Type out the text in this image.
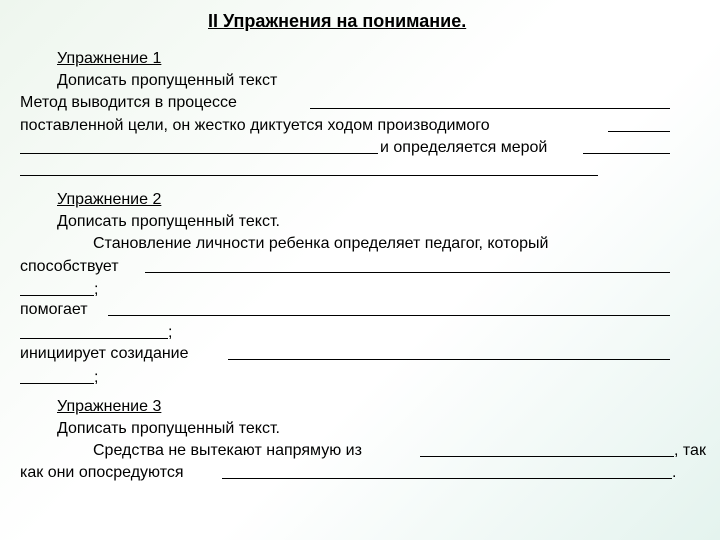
II Упражнения на понимание.
Упражнение 1
Дописать пропущенный текст
Метод выводится в процессе
поставленной цели, он жестко диктуется ходом производимого
и определяется мерой
Упражнение 2
Дописать пропущенный текст.
Становление личности ребенка определяет педагог, который
способствует
;
помогает
;
инициирует созидание
;
Упражнение 3
Дописать пропущенный текст.
Средства не вытекают напрямую из	, так
как они опосредуются	.
